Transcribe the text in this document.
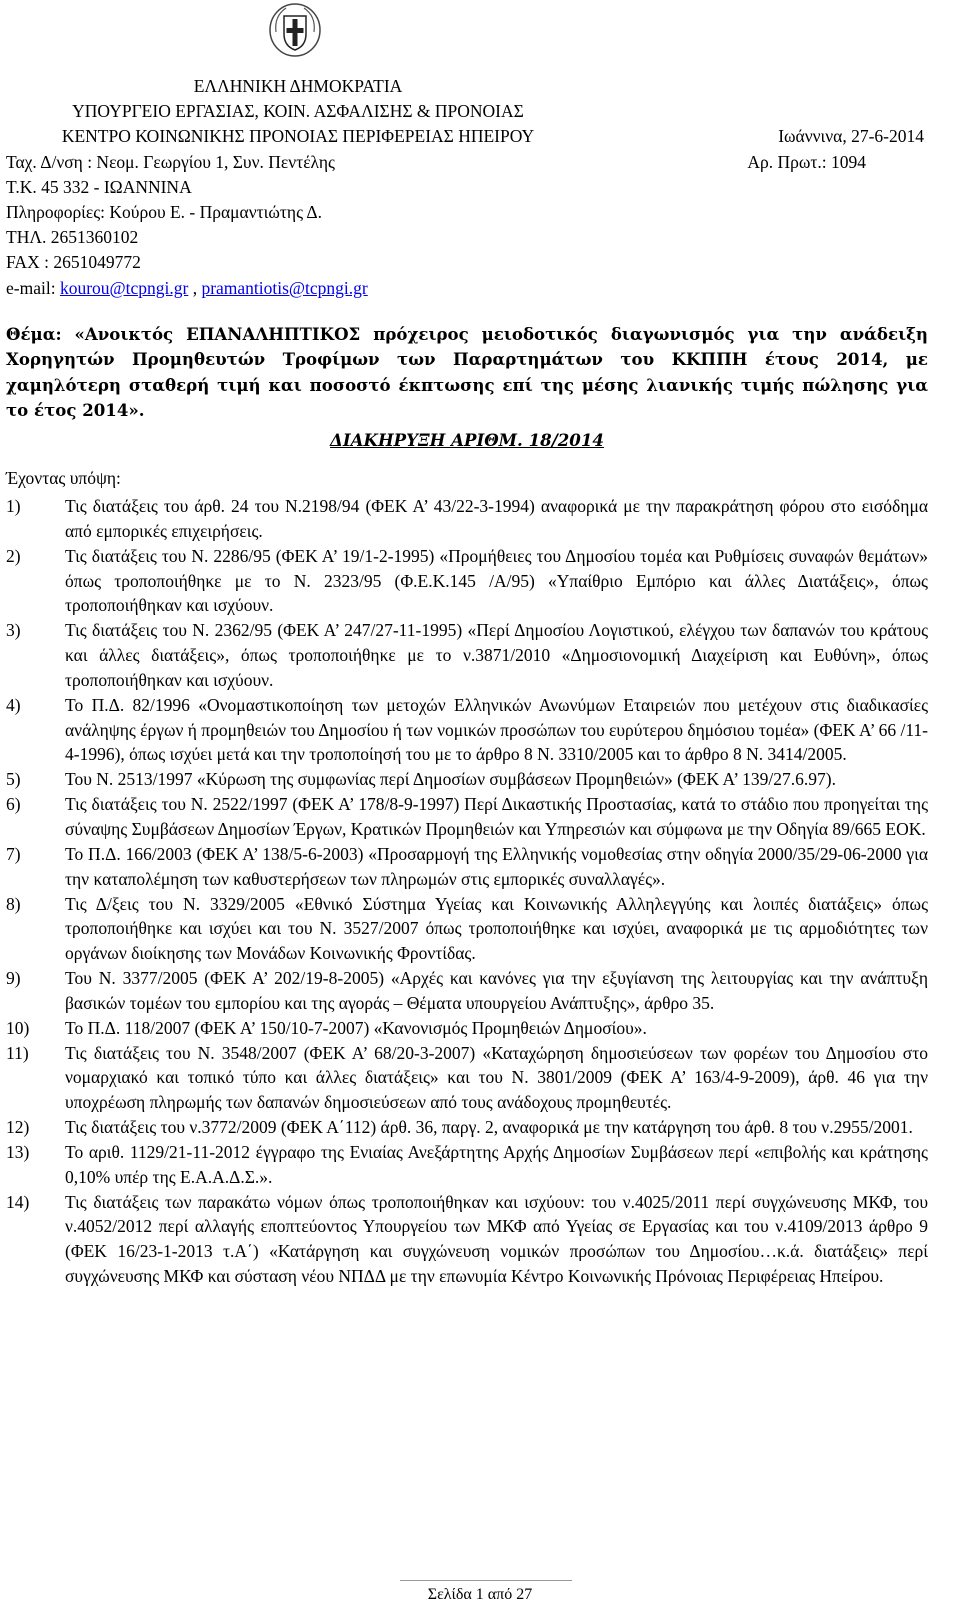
ΕΛΛΗΝΙΚΗ ΔΗΜΟΚΡΑΤΙΑ
ΥΠΟΥΡΓΕΙΟ ΕΡΓΑΣΙΑΣ, ΚΟΙΝ. ΑΣΦΑΛΙΣΗΣ & ΠΡΟΝΟΙΑΣ
ΚΕΝΤΡΟ ΚΟΙΝΩΝΙΚΗΣ ΠΡΟΝΟΙΑΣ ΠΕΡΙΦΕΡΕΙΑΣ ΗΠΕΙΡΟΥ	Ιωάννινα, 27-6-2014
Ταχ. Δ/νση : Νεομ. Γεωργίου 1, Συν. Πεντέλης	Αρ. Πρωτ.: 1094
Τ.Κ. 45 332 - ΙΩΑΝΝΙΝΑ
Πληροφορίες: Κούρου Ε. - Πραμαντιώτης Δ.
ΤΗΛ. 2651360102
FAX : 2651049772
e-mail: kourou@tcpngi.gr , pramantiotis@tcpngi.gr
Θέμα: «Ανοικτός ΕΠΑΝΑΛΗΠΤΙΚΟΣ πρόχειρος μειοδοτικός διαγωνισμός για την ανάδειξη Χορηγητών Προμηθευτών Τροφίμων των Παραρτημάτων του ΚΚΠΠΗ έτους 2014, με χαμηλότερη σταθερή τιμή και ποσοστό έκπτωσης επί της μέσης λιανικής τιμής πώλησης για το έτος 2014».
ΔΙΑΚΗΡΥΞΗ ΑΡΙΘΜ. 18/2014
Έχοντας υπόψη:
1)	Τις διατάξεις του άρθ. 24 του Ν.2198/94 (ΦΕΚ Α’ 43/22-3-1994) αναφορικά με την παρακράτηση φόρου στο εισόδημα από εμπορικές επιχειρήσεις.
2)	Τις διατάξεις του Ν. 2286/95 (ΦΕΚ Α’ 19/1-2-1995) «Προμήθειες του Δημοσίου τομέα και Ρυθμίσεις συναφών θεμάτων» όπως τροποποιήθηκε με το Ν. 2323/95 (Φ.Ε.Κ.145 /Α/95) «Υπαίθριο Εμπόριο και άλλες Διατάξεις», όπως τροποποιήθηκαν και ισχύουν.
3)	Τις διατάξεις του Ν. 2362/95 (ΦΕΚ Α’ 247/27-11-1995) «Περί Δημοσίου Λογιστικού, ελέγχου των δαπανών του κράτους και άλλες διατάξεις», όπως τροποποιήθηκε με το ν.3871/2010 «Δημοσιονομική Διαχείριση και Ευθύνη», όπως τροποποιήθηκαν και ισχύουν.
4)	Το Π.Δ. 82/1996 «Ονομαστικοποίηση των μετοχών Ελληνικών Ανωνύμων Εταιρειών που μετέχουν στις διαδικασίες ανάληψης έργων ή προμηθειών του Δημοσίου ή των νομικών προσώπων του ευρύτερου δημόσιου τομέα» (ΦΕΚ Α’ 66 /11-4-1996), όπως ισχύει μετά και την τροποποίησή του με το άρθρο 8 Ν. 3310/2005 και το άρθρο 8 Ν. 3414/2005.
5)	Του Ν. 2513/1997 «Κύρωση της συμφωνίας περί Δημοσίων συμβάσεων Προμηθειών» (ΦΕΚ Α’ 139/27.6.97).
6)	Τις διατάξεις του Ν. 2522/1997 (ΦΕΚ Α’ 178/8-9-1997) Περί Δικαστικής Προστασίας, κατά το στάδιο που προηγείται της σύναψης Συμβάσεων Δημοσίων Έργων, Κρατικών Προμηθειών και Υπηρεσιών και σύμφωνα με την Οδηγία 89/665 ΕΟΚ.
7)	Το Π.Δ. 166/2003 (ΦΕΚ Α’ 138/5-6-2003) «Προσαρμογή της Ελληνικής νομοθεσίας στην οδηγία 2000/35/29-06-2000 για την καταπολέμηση των καθυστερήσεων των πληρωμών στις εμπορικές συναλλαγές».
8)	Τις Δ/ξεις του Ν. 3329/2005 «Εθνικό Σύστημα Υγείας και Κοινωνικής Αλληλεγγύης και λοιπές διατάξεις» όπως τροποποιήθηκε και ισχύει και του Ν. 3527/2007 όπως τροποποιήθηκε και ισχύει, αναφορικά με τις αρμοδιότητες των οργάνων διοίκησης των Μονάδων Κοινωνικής Φροντίδας.
9)	Του Ν. 3377/2005 (ΦΕΚ Α’ 202/19-8-2005) «Αρχές και κανόνες για την εξυγίανση της λειτουργίας και την ανάπτυξη βασικών τομέων του εμπορίου και της αγοράς – Θέματα υπουργείου Ανάπτυξης», άρθρο 35.
10) Το Π.Δ. 118/2007 (ΦΕΚ Α’ 150/10-7-2007) «Κανονισμός Προμηθειών Δημοσίου».
11) Τις διατάξεις του Ν. 3548/2007 (ΦΕΚ Α’ 68/20-3-2007) «Καταχώρηση δημοσιεύσεων των φορέων του Δημοσίου στο νομαρχιακό και τοπικό τύπο και άλλες διατάξεις» και του Ν. 3801/2009 (ΦΕΚ Α’ 163/4-9-2009), άρθ. 46 για την υποχρέωση πληρωμής των δαπανών δημοσιεύσεων από τους ανάδοχους προμηθευτές.
12) Τις διατάξεις του ν.3772/2009 (ΦΕΚ Α΄112) άρθ. 36, παργ. 2, αναφορικά με την κατάργηση του άρθ. 8 του ν.2955/2001.
13) Το αριθ. 1129/21-11-2012 έγγραφο της Ενιαίας Ανεξάρτητης Αρχής Δημοσίων Συμβάσεων περί «επιβολής και κράτησης 0,10% υπέρ της Ε.Α.Α.Δ.Σ.».
14) Τις διατάξεις των παρακάτω νόμων όπως τροποποιήθηκαν και ισχύουν: του ν.4025/2011 περί συγχώνευσης ΜΚΦ, του ν.4052/2012 περί αλλαγής εποπτεύοντος Υπουργείου των ΜΚΦ από Υγείας σε Εργασίας και του ν.4109/2013 άρθρο 9 (ΦΕΚ 16/23-1-2013 τ.Α΄) «Κατάργηση και συγχώνευση νομικών προσώπων του Δημοσίου…κ.ά. διατάξεις» περί συγχώνευσης ΜΚΦ και σύσταση νέου ΝΠΔΔ με την επωνυμία Κέντρο Κοινωνικής Πρόνοιας Περιφέρειας Ηπείρου.
Σελίδα 1 από 27
